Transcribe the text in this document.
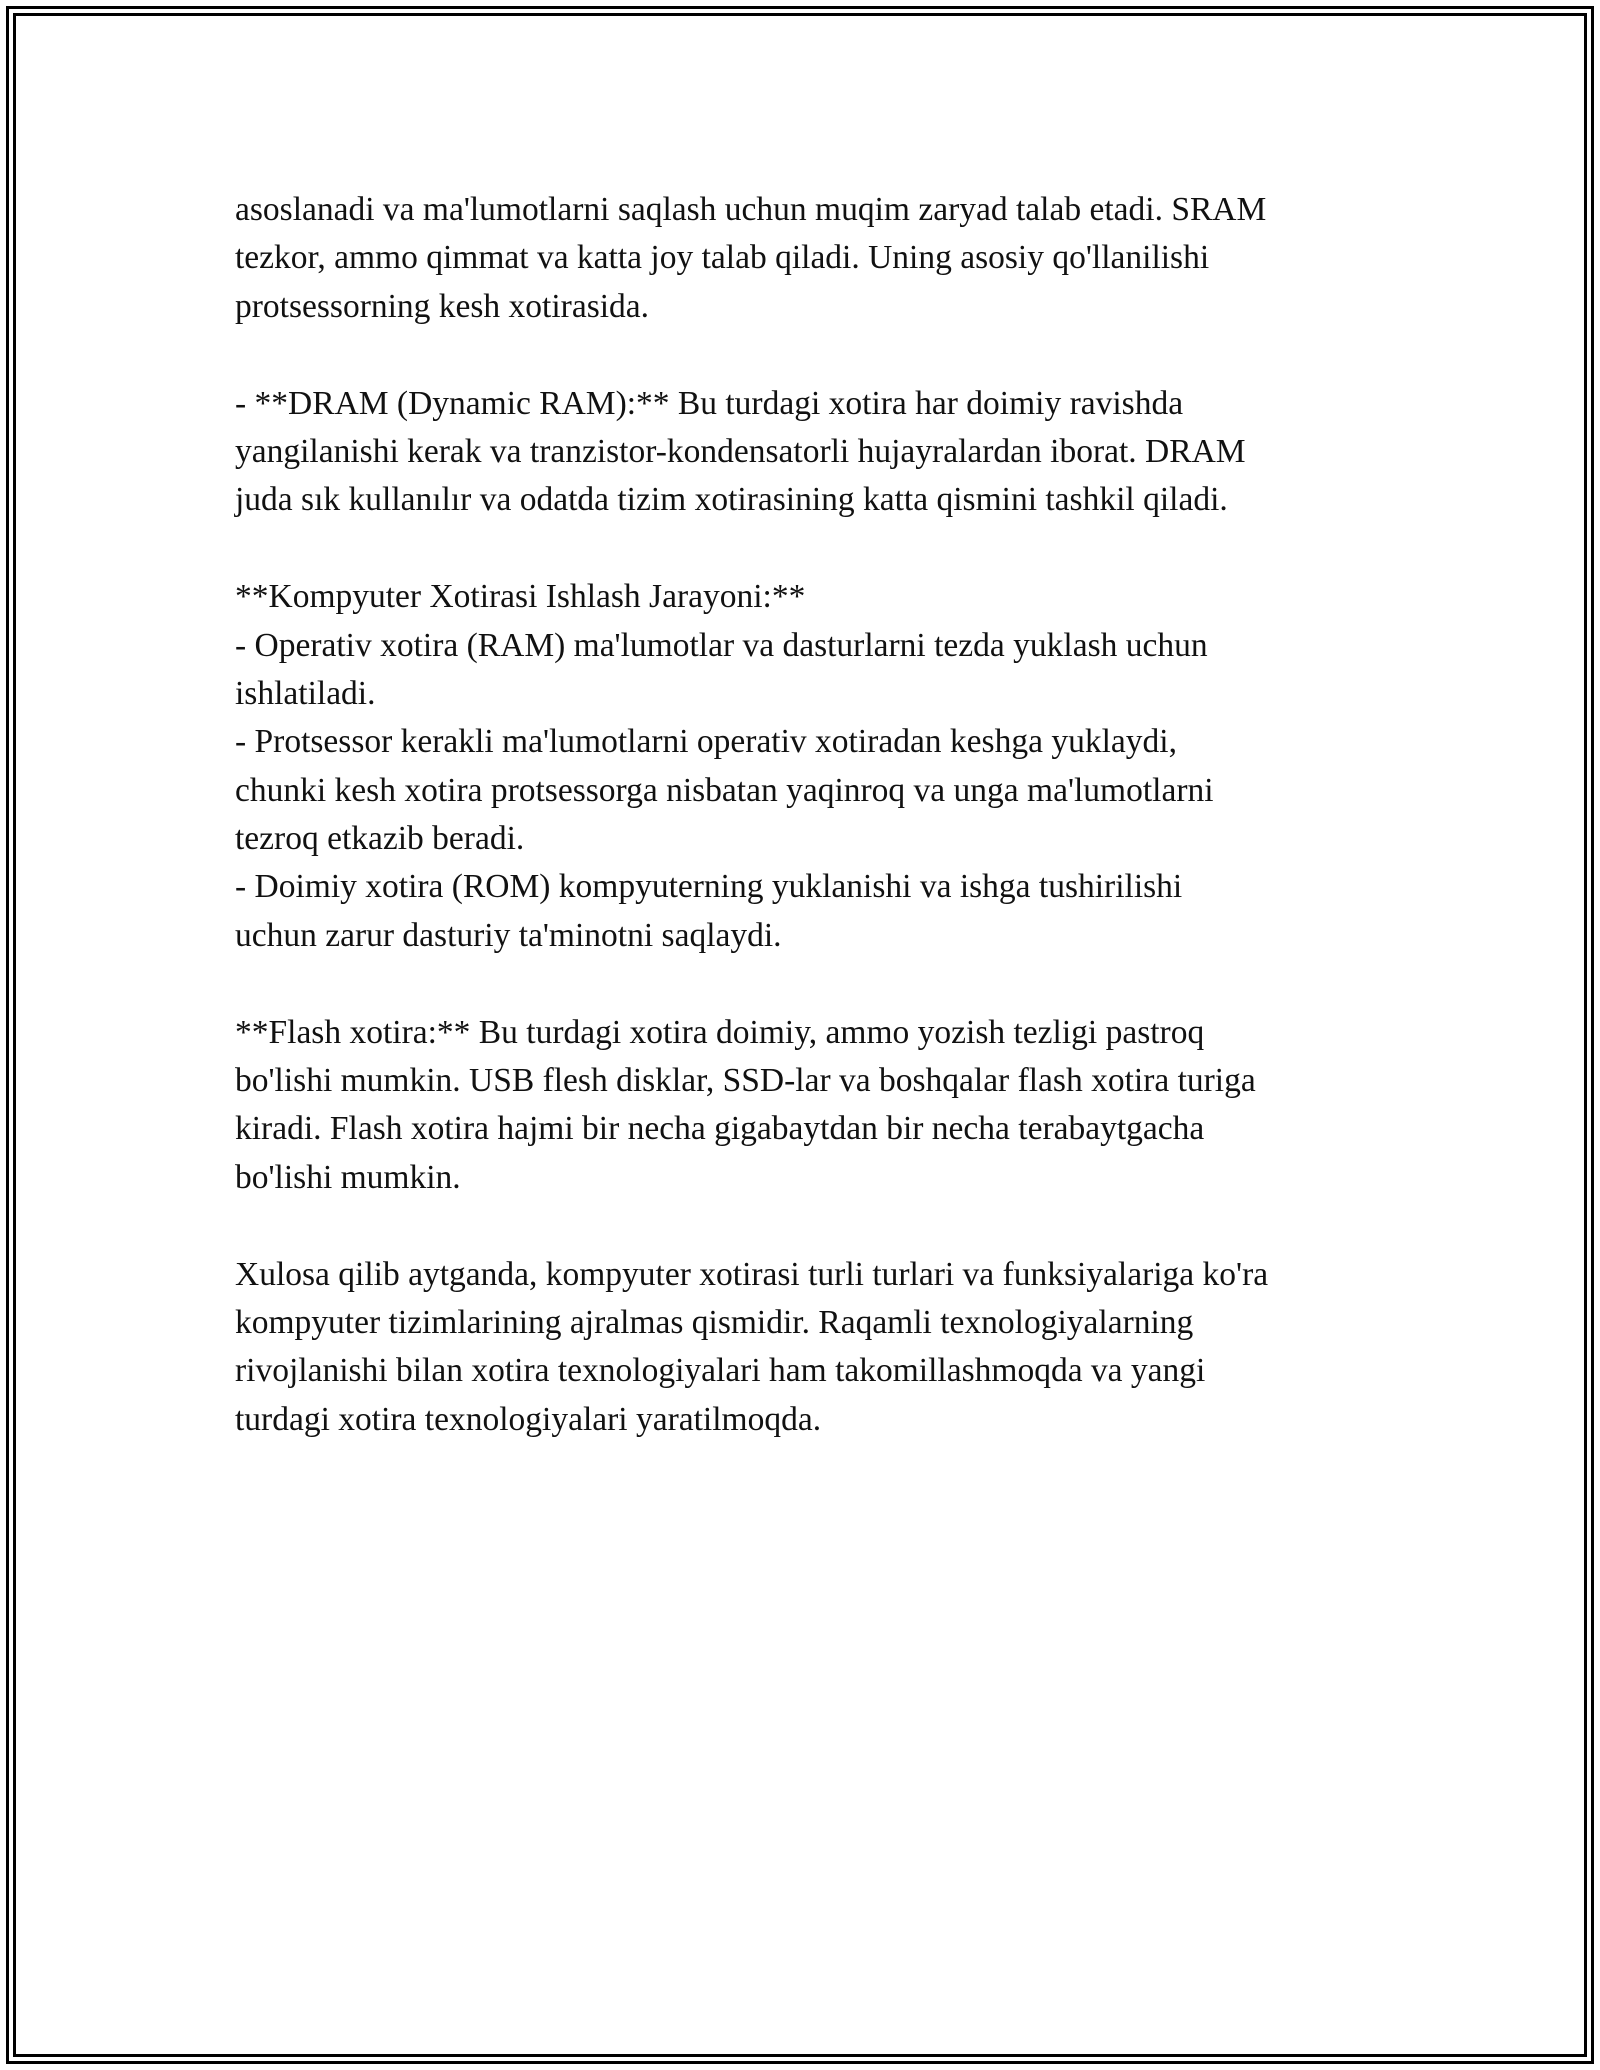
asoslanadi va ma'lumotlarni saqlash uchun muqim zaryad talab etadi. SRAM
tezkor, ammo qimmat va katta joy talab qiladi. Uning asosiy qo'llanilishi
protsessorning kesh xotirasida.
- **DRAM (Dynamic RAM):** Bu turdagi xotira har doimiy ravishda
yangilanishi kerak va tranzistor-kondensatorli hujayralardan iborat. DRAM
juda sık kullanılır va odatda tizim xotirasining katta qismini tashkil qiladi.
**Kompyuter Xotirasi Ishlash Jarayoni:**
- Operativ xotira (RAM) ma'lumotlar va dasturlarni tezda yuklash uchun
ishlatiladi.
- Protsessor kerakli ma'lumotlarni operativ xotiradan keshga yuklaydi,
chunki kesh xotira protsessorga nisbatan yaqinroq va unga ma'lumotlarni
tezroq etkazib beradi.
- Doimiy xotira (ROM) kompyuterning yuklanishi va ishga tushirilishi
uchun zarur dasturiy ta'minotni saqlaydi.
**Flash xotira:** Bu turdagi xotira doimiy, ammo yozish tezligi pastroq
bo'lishi mumkin. USB flesh disklar, SSD-lar va boshqalar flash xotira turiga
kiradi. Flash xotira hajmi bir necha gigabaytdan bir necha terabaytgacha
bo'lishi mumkin.
Xulosa qilib aytganda, kompyuter xotirasi turli turlari va funksiyalariga ko'ra
kompyuter tizimlarining ajralmas qismidir. Raqamli texnologiyalarning
rivojlanishi bilan xotira texnologiyalari ham takomillashmoqda va yangi
turdagi xotira texnologiyalari yaratilmoqda.
